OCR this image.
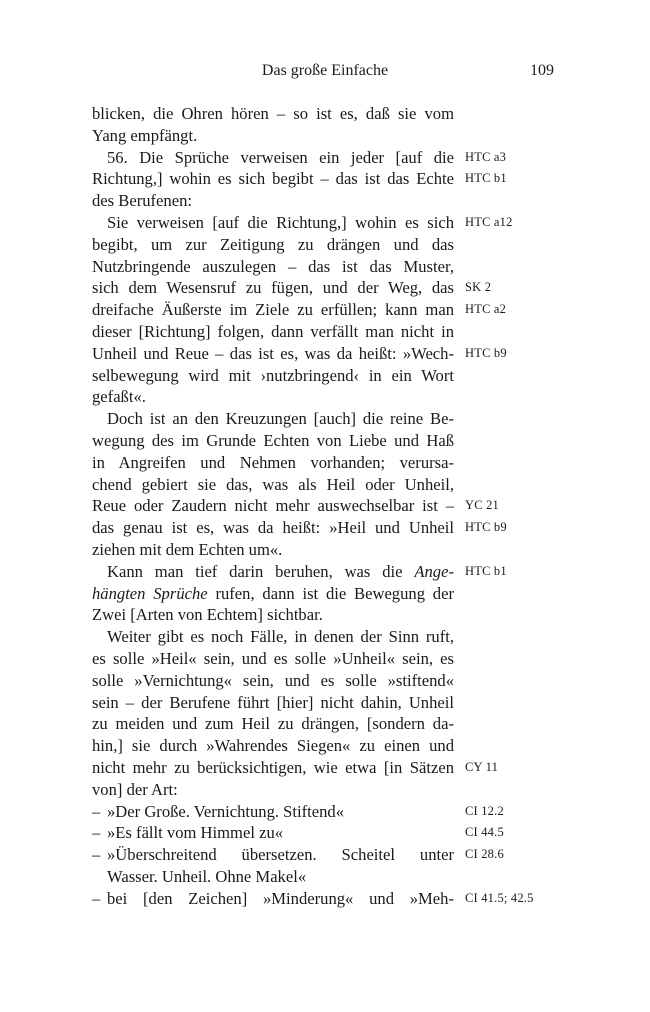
Das große Einfache	109
blicken, die Ohren hören – so ist es, daß sie vom
Yang empfängt.
56. Die Sprüche verweisen ein jeder [auf die HTC a3
Richtung,] wohin es sich begibt – das ist das Echte HTC b1
des Berufenen:
Sie verweisen [auf die Richtung,] wohin es sich HTC a12
begibt, um zur Zeitigung zu drängen und das
Nutzbringende auszulegen – das ist das Muster,
sich dem Wesensruf zu fügen, und der Weg, das SK 2
dreifache Äußerste im Ziele zu erfüllen; kann man HTC a2
dieser [Richtung] folgen, dann verfällt man nicht in
Unheil und Reue – das ist es, was da heißt: »Wech- HTC b9
selbewegung wird mit ›nutzbringend‹ in ein Wort
gefaßt«.
Doch ist an den Kreuzungen [auch] die reine Be-
wegung des im Grunde Echten von Liebe und Haß
in Angreifen und Nehmen vorhanden; verursa-
chend gebiert sie das, was als Heil oder Unheil,
Reue oder Zaudern nicht mehr auswechselbar ist – YC 21
das genau ist es, was da heißt: »Heil und Unheil HTC b9
ziehen mit dem Echten um«.
Kann man tief darin beruhen, was die Ange- HTC b1
hängten Sprüche rufen, dann ist die Bewegung der
Zwei [Arten von Echtem] sichtbar.
Weiter gibt es noch Fälle, in denen der Sinn ruft,
es solle »Heil« sein, und es solle »Unheil« sein, es
solle »Vernichtung« sein, und es solle »stiftend«
sein – der Berufene führt [hier] nicht dahin, Unheil
zu meiden und zum Heil zu drängen, [sondern da-
hin,] sie durch »Wahrendes Siegen« zu einen und
nicht mehr zu berücksichtigen, wie etwa [in Sätzen CY 11
von] der Art:
– »Der Große. Vernichtung. Stiftend«	CI 12.2
– »Es fällt vom Himmel zu«	CI 44.5
– »Überschreitend übersetzen. Scheitel unter CI 28.6
Wasser. Unheil. Ohne Makel«
– bei [den Zeichen] »Minderung« und »Meh- CI 41.5; 42.5
